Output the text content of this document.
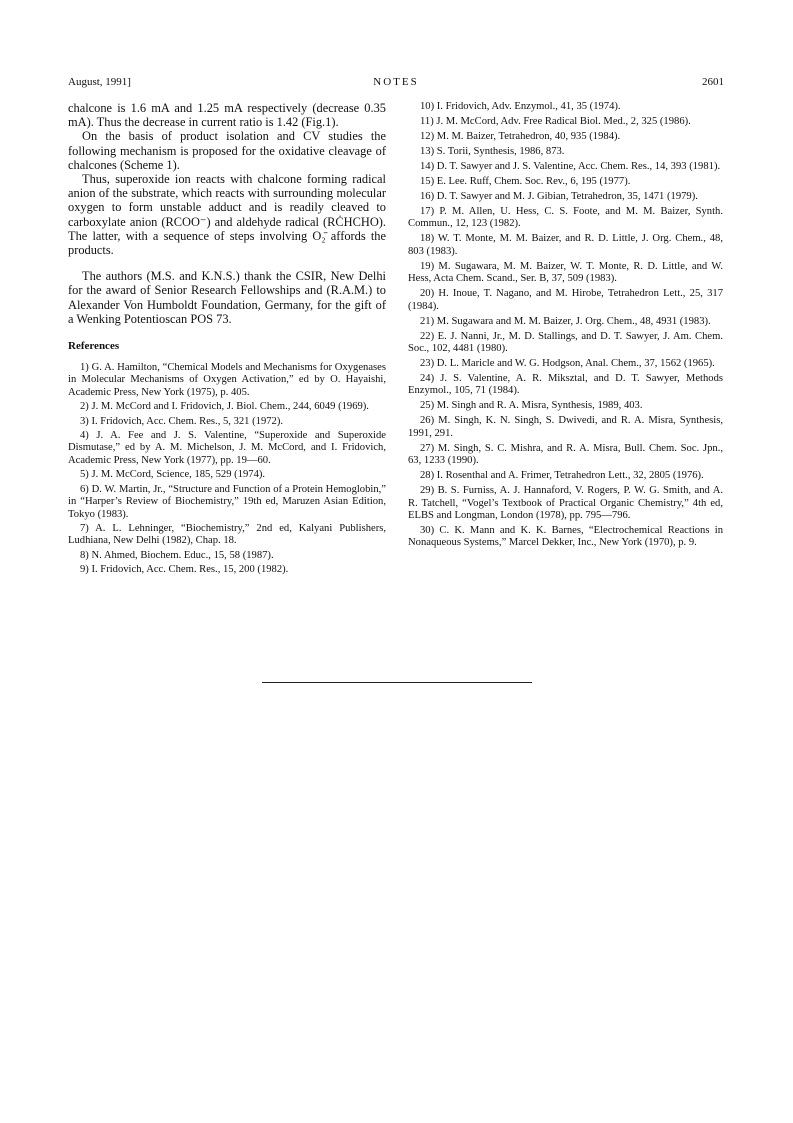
August, 1991]	NOTES	2601

chalcone is 1.6 mA and 1.25 mA respectively (decrease 0.35 mA). Thus the decrease in current ratio is 1.42 (Fig.1).

On the basis of product isolation and CV studies the following mechanism is proposed for the oxidative cleavage of chalcones (Scheme 1).

Thus, superoxide ion reacts with chalcone forming radical anion of the substrate, which reacts with surrounding molecular oxygen to form unstable adduct and is readily cleaved to carboxylate anion (RCOO⁻) and aldehyde radical (RĊHCHO). The latter, with a sequence of steps involving O₂̄ affords the products.

The authors (M.S. and K.N.S.) thank the CSIR, New Delhi for the award of Senior Research Fellowships and (R.A.M.) to Alexander Von Humboldt Foundation, Germany, for the gift of a Wenking Potentioscan POS 73.

References
1) G. A. Hamilton, “Chemical Models and Mechanisms for Oxygenases in Molecular Mechanisms of Oxygen Activation,” ed by O. Hayaishi, Academic Press, New York (1975), p. 405.
2) J. M. McCord and I. Fridovich, J. Biol. Chem., 244, 6049 (1969).
3) I. Fridovich, Acc. Chem. Res., 5, 321 (1972).
4) J. A. Fee and J. S. Valentine, “Superoxide and Superoxide Dismutase,” ed by A. M. Michelson, J. M. McCord, and I. Fridovich, Academic Press, New York (1977), pp. 19—60.
5) J. M. McCord, Science, 185, 529 (1974).
6) D. W. Martin, Jr., “Structure and Function of a Protein Hemoglobin,” in “Harper’s Review of Biochemistry,” 19th ed, Maruzen Asian Edition, Tokyo (1983).
7) A. L. Lehninger, “Biochemistry,” 2nd ed, Kalyani Publishers, Ludhiana, New Delhi (1982), Chap. 18.
8) N. Ahmed, Biochem. Educ., 15, 58 (1987).
9) I. Fridovich, Acc. Chem. Res., 15, 200 (1982).
10) I. Fridovich, Adv. Enzymol., 41, 35 (1974).
11) J. M. McCord, Adv. Free Radical Biol. Med., 2, 325 (1986).
12) M. M. Baizer, Tetrahedron, 40, 935 (1984).
13) S. Torii, Synthesis, 1986, 873.
14) D. T. Sawyer and J. S. Valentine, Acc. Chem. Res., 14, 393 (1981).
15) E. Lee. Ruff, Chem. Soc. Rev., 6, 195 (1977).
16) D. T. Sawyer and M. J. Gibian, Tetrahedron, 35, 1471 (1979).
17) P. M. Allen, U. Hess, C. S. Foote, and M. M. Baizer, Synth. Commun., 12, 123 (1982).
18) W. T. Monte, M. M. Baizer, and R. D. Little, J. Org. Chem., 48, 803 (1983).
19) M. Sugawara, M. M. Baizer, W. T. Monte, R. D. Little, and W. Hess, Acta Chem. Scand., Ser. B, 37, 509 (1983).
20) H. Inoue, T. Nagano, and M. Hirobe, Tetrahedron Lett., 25, 317 (1984).
21) M. Sugawara and M. M. Baizer, J. Org. Chem., 48, 4931 (1983).
22) E. J. Nanni, Jr., M. D. Stallings, and D. T. Sawyer, J. Am. Chem. Soc., 102, 4481 (1980).
23) D. L. Maricle and W. G. Hodgson, Anal. Chem., 37, 1562 (1965).
24) J. S. Valentine, A. R. Miksztal, and D. T. Sawyer, Methods Enzymol., 105, 71 (1984).
25) M. Singh and R. A. Misra, Synthesis, 1989, 403.
26) M. Singh, K. N. Singh, S. Dwivedi, and R. A. Misra, Synthesis, 1991, 291.
27) M. Singh, S. C. Mishra, and R. A. Misra, Bull. Chem. Soc. Jpn., 63, 1233 (1990).
28) I. Rosenthal and A. Frimer, Tetrahedron Lett., 32, 2805 (1976).
29) B. S. Furniss, A. J. Hannaford, V. Rogers, P. W. G. Smith, and A. R. Tatchell, “Vogel’s Textbook of Practical Organic Chemistry,” 4th ed, ELBS and Longman, London (1978), pp. 795—796.
30) C. K. Mann and K. K. Barnes, “Electrochemical Reactions in Nonaqueous Systems,” Marcel Dekker, Inc., New York (1970), p. 9.
